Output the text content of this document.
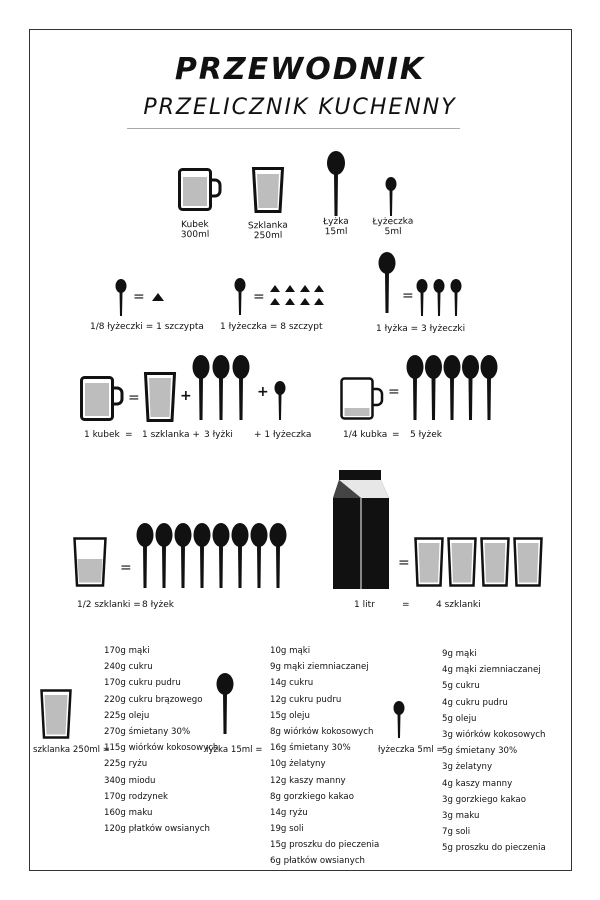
PRZEWODNIK
PRZELICZNIK KUCHENNY
Kubek
300ml
Szklanka
250ml
Łyżka
15ml
Łyżeczka
5ml
=
1/8 łyżeczki = 1 szczypta
=
1 łyżeczka = 8 szczypt
=
1 łyżka = 3 łyżeczki
=	+	+
1 kubek = 1 szklanka + 3 łyżki + 1 łyżeczka
=
1/4 kubka = 5 łyżek
=
1/2 szklanki = 8 łyżek
=
1 litr	=	4 szklanki
szklanka 250ml =
170g mąki
240g cukru
170g cukru pudru
220g cukru brązowego
225g oleju
270g śmietany 30%
115g wiórków kokosowych
225g ryżu
340g miodu
170g rodzynek
160g maku
120g płatków owsianych
łyżka 15ml =
10g mąki
9g mąki ziemniaczanej
14g cukru
12g cukru pudru
15g oleju
8g wiórków kokosowych
16g śmietany 30%
10g żelatyny
12g kaszy manny
8g gorzkiego kakao
14g ryżu
19g soli
15g proszku do pieczenia
6g płatków owsianych
łyżeczka 5ml =
9g mąki
4g mąki ziemniaczanej
5g cukru
4g cukru pudru
5g oleju
3g wiórków kokosowych
5g śmietany 30%
3g żelatyny
4g kaszy manny
3g gorzkiego kakao
3g maku
7g soli
5g proszku do pieczenia
